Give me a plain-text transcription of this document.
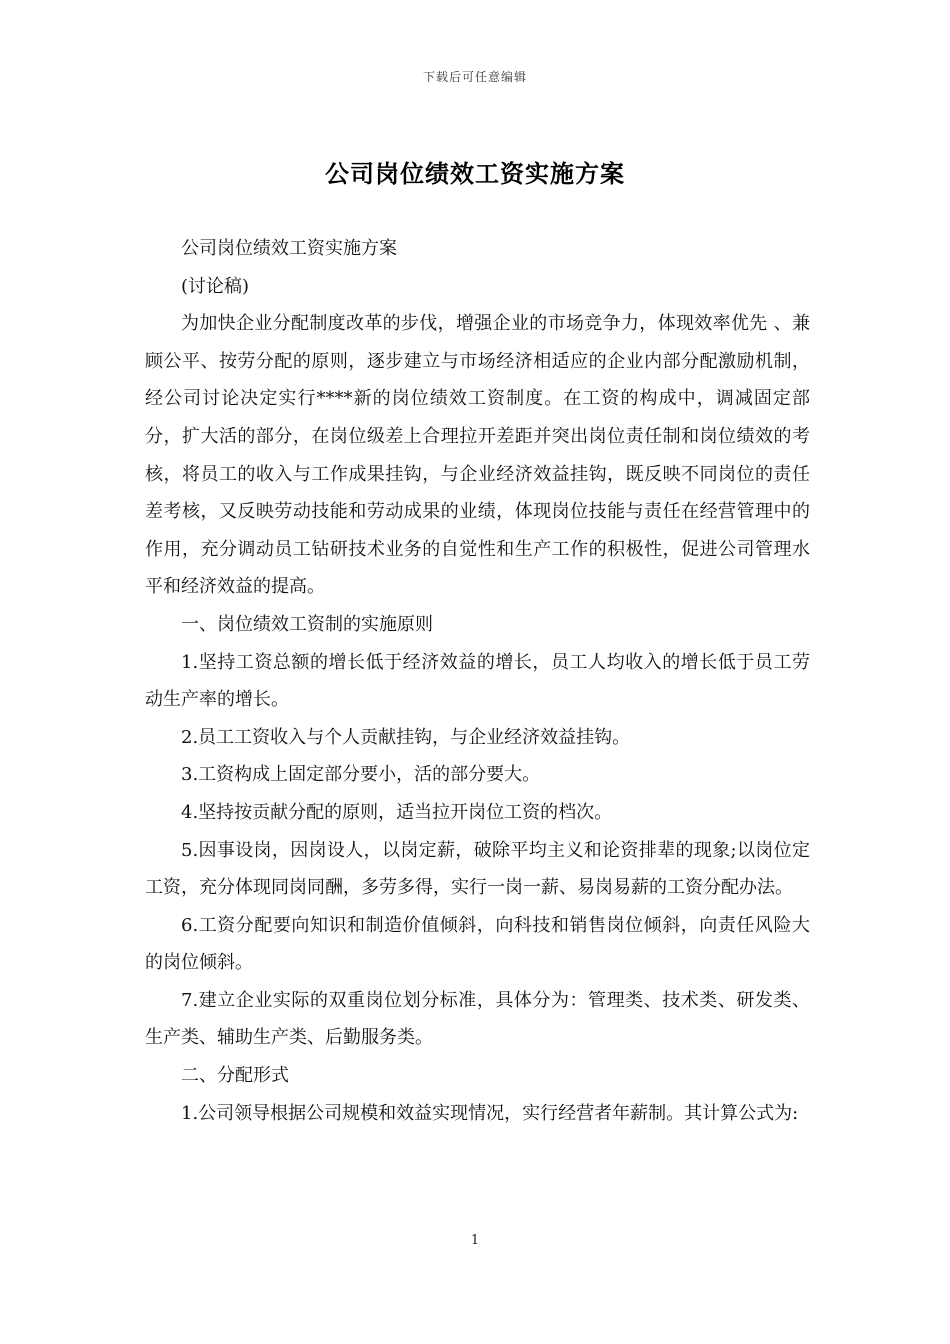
下载后可任意编辑
公司岗位绩效工资实施方案

公司岗位绩效工资实施方案

(讨论稿)

为加快企业分配制度改革的步伐，增强企业的市场竞争力，体现效率优先 、兼顾公平、按劳分配的原则，逐步建立与市场经济相适应的企业内部分配激励机制，经公司讨论决定实行****新的岗位绩效工资制度。在工资的构成中，调减固定部分，扩大活的部分，在岗位级差上合理拉开差距并突出岗位责任制和岗位绩效的考核，将员工的收入与工作成果挂钩，与企业经济效益挂钩，既反映不同岗位的责任差考核，又反映劳动技能和劳动成果的业绩，体现岗位技能与责任在经营管理中的作用，充分调动员工钻研技术业务的自觉性和生产工作的积极性，促进公司管理水平和经济效益的提高。

一、岗位绩效工资制的实施原则

1.坚持工资总额的增长低于经济效益的增长，员工人均收入的增长低于员工劳动生产率的增长。

2.员工工资收入与个人贡献挂钩，与企业经济效益挂钩。

3.工资构成上固定部分要小，活的部分要大。

4.坚持按贡献分配的原则，适当拉开岗位工资的档次。

5.因事设岗，因岗设人，以岗定薪，破除平均主义和论资排辈的现象;以岗位定工资，充分体现同岗同酬，多劳多得，实行一岗一薪、易岗易薪的工资分配办法。

6.工资分配要向知识和制造价值倾斜，向科技和销售岗位倾斜，向责任风险大的岗位倾斜。

7.建立企业实际的双重岗位划分标准，具体分为：管理类、技术类、研发类、生产类、辅助生产类、后勤服务类。

二、分配形式

1.公司领导根据公司规模和效益实现情况，实行经营者年薪制。其计算公式为:

1
